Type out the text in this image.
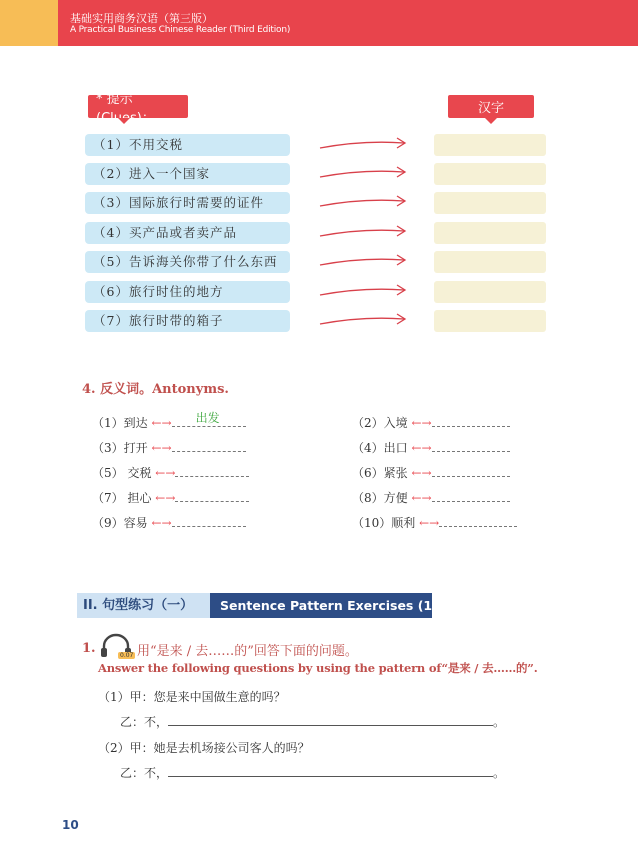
基础实用商务汉语（第三版）
A Practical Business Chinese Reader (Third Edition)
* 提示 (Clues)：
汉字
（1）不用交税
（2）进入一个国家
（3）国际旅行时需要的证件
（4）买产品或者卖产品
（5）告诉海关你带了什么东西
（6）旅行时住的地方
（7）旅行时带的箱子
4. 反义词。Antonyms.
（1）到达 ←→ 出发
（3）打开 ←→
（5） 交税 ←→
（7） 担心 ←→
（9）容易 ←→
（2）入境 ←→
（4）出口 ←→
（6）紧张 ←→
（8）方便 ←→
（10）顺利 ←→
II. 句型练习（一）	Sentence Pattern Exercises (1)
1.	0.07 用“是来 / 去……的”回答下面的问题。
Answer the following questions by using the pattern of“是来 / 去……的”.
（1）甲：您是来中国做生意的吗？
乙：不，	。
（2）甲：她是去机场接公司客人的吗？
乙：不，	。
10
